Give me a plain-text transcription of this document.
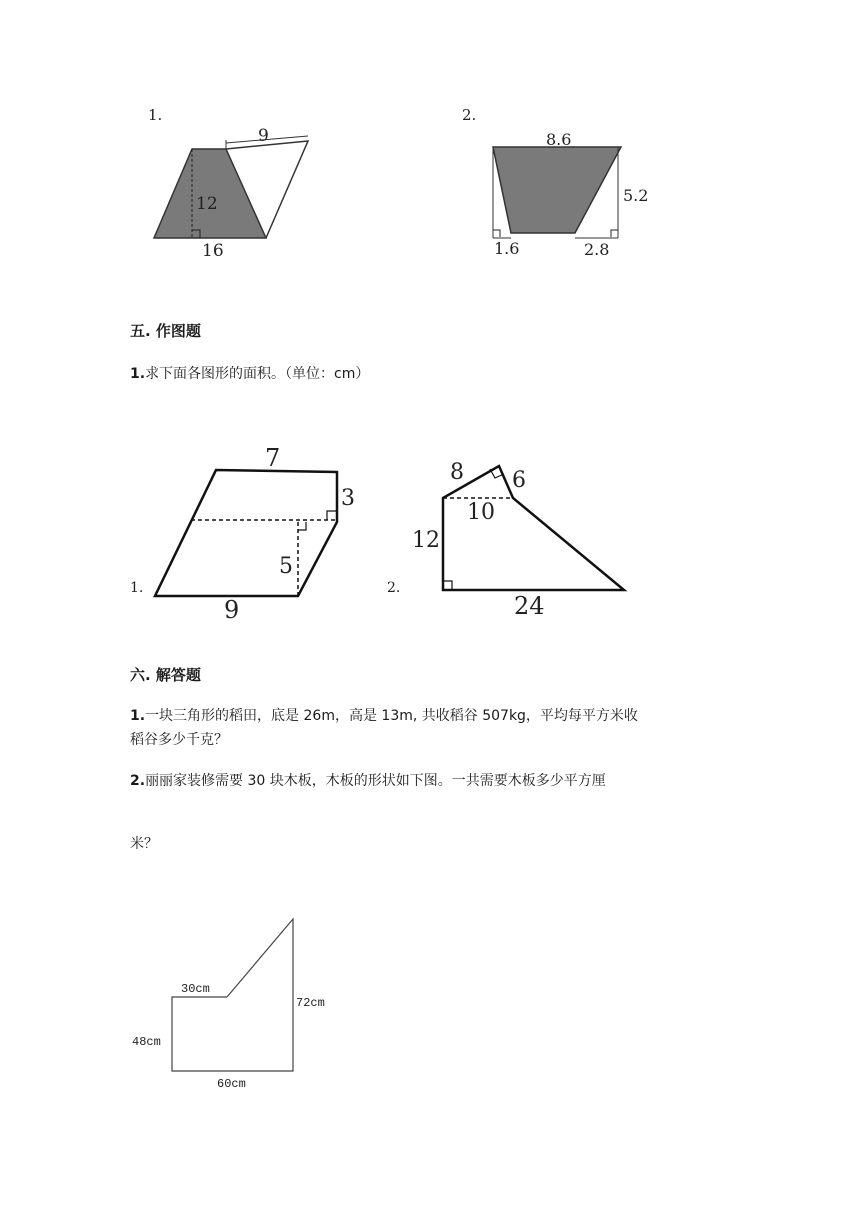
1.
9
12
16
2.
8.6
5.2
1.6	2.8
五. 作图题
1.求下面各图形的面积。（单位：cm）
1.
7
3
5
9
2.
8 6
10
12
24
六. 解答题
1.一块三角形的稻田，底是 26m，高是 13m, 共收稻谷 507kg，平均每平方米收
稻谷多少千克？
2.丽丽家装修需要 30 块木板，木板的形状如下图。一共需要木板多少平方厘
米？
30cm
72cm
48cm
60cm
